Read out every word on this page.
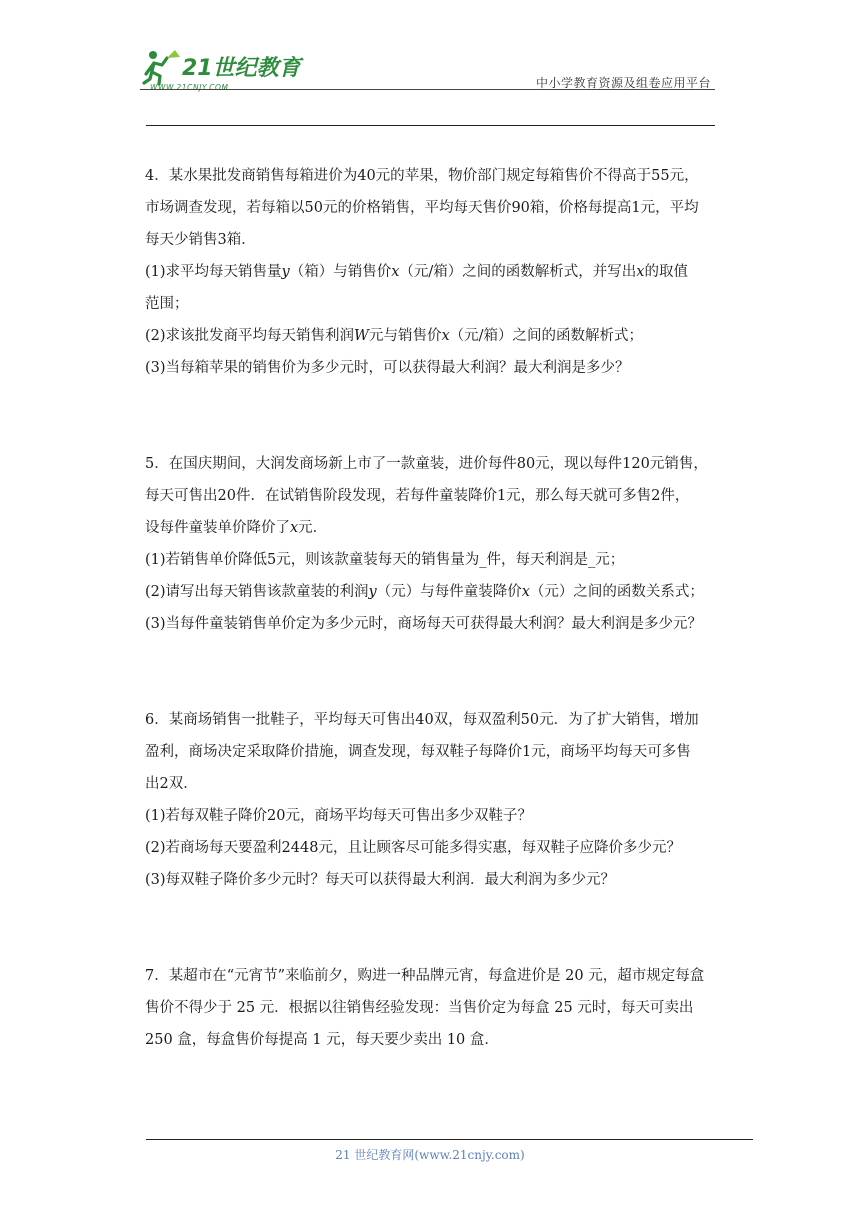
21世纪教育
WWW.21CNJY.COM	中小学教育资源及组卷应用平台

4．某水果批发商销售每箱进价为40元的苹果，物价部门规定每箱售价不得高于55元，

市场调查发现，若每箱以50元的价格销售，平均每天售价90箱，价格每提高1元，平均

每天少销售3箱．

(1)求平均每天销售量𝑦（箱）与销售价𝑥（元/箱）之间的函数解析式，并写出𝑥的取值

范围；

(2)求该批发商平均每天销售利润𝑊元与销售价𝑥（元/箱）之间的函数解析式；

(3)当每箱苹果的销售价为多少元时，可以获得最大利润？最大利润是多少？

5．在国庆期间，大润发商场新上市了一款童装，进价每件80元，现以每件120元销售，

每天可售出20件．在试销售阶段发现，若每件童装降价1元，那么每天就可多售2件，

设每件童装单价降价了𝑥元．

(1)若销售单价降低5元，则该款童装每天的销售量为_件，每天利润是_元；

(2)请写出每天销售该款童装的利润𝑦（元）与每件童装降价𝑥（元）之间的函数关系式；

(3)当每件童装销售单价定为多少元时，商场每天可获得最大利润？最大利润是多少元？

6．某商场销售一批鞋子，平均每天可售出40双，每双盈利50元．为了扩大销售，增加

盈利，商场决定采取降价措施，调查发现，每双鞋子每降价1元，商场平均每天可多售

出2双．

(1)若每双鞋子降价20元，商场平均每天可售出多少双鞋子？

(2)若商场每天要盈利2448元，且让顾客尽可能多得实惠，每双鞋子应降价多少元？

(3)每双鞋子降价多少元时？每天可以获得最大利润．最大利润为多少元？

7．某超市在“元宵节”来临前夕，购进一种品牌元宵，每盒进价是 20 元，超市规定每盒

售价不得少于 25 元．根据以往销售经验发现：当售价定为每盒 25 元时，每天可卖出

250 盒，每盒售价每提高 1 元，每天要少卖出 10 盒．

21 世纪教育网(www.21cnjy.com)
